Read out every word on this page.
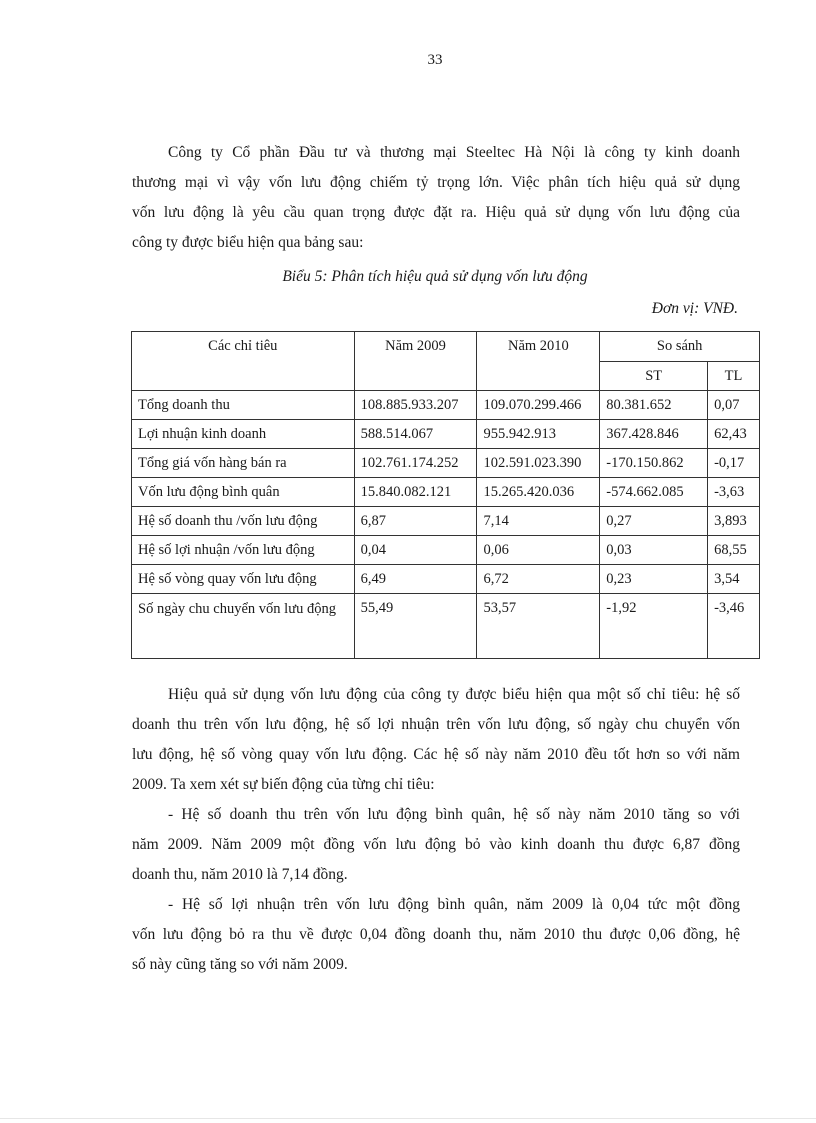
33
Công ty Cổ phần Đầu tư và thương mại Steeltec Hà Nội là công ty kinh doanh
thương mại vì vậy vốn lưu động chiếm tỷ trọng lớn. Việc phân tích hiệu quả sử dụng
vốn lưu động là yêu cầu quan trọng được đặt ra. Hiệu quả sử dụng vốn lưu động của
công ty được biểu hiện qua bảng sau:
Biểu 5: Phân tích hiệu quả sử dụng vốn lưu động
Đơn vị: VNĐ.
Các chỉ tiêu	Năm 2009	Năm 2010	So sánh	
			ST	TL
Tổng doanh thu	108.885.933.207	109.070.299.466	80.381.652	0,07
Lợi nhuận kinh doanh	588.514.067	955.942.913	367.428.846	62,43
Tổng giá vốn hàng bán ra	102.761.174.252	102.591.023.390	-170.150.862	-0,17
Vốn lưu động bình quân	15.840.082.121	15.265.420.036	-574.662.085	-3,63
Hệ số doanh thu /vốn lưu động	6,87	7,14	0,27	3,893
Hệ số lợi nhuận /vốn lưu động	0,04	0,06	0,03	68,55
Hệ số vòng quay vốn lưu động	6,49	6,72	0,23	3,54
Số ngày chu chuyển vốn lưu động	55,49	53,57	-1,92	-3,46
Hiệu quả sử dụng vốn lưu động của công ty được biểu hiện qua một số chỉ tiêu: hệ số
doanh thu trên vốn lưu động, hệ số lợi nhuận trên vốn lưu động, số ngày chu chuyển vốn
lưu động, hệ số vòng quay vốn lưu động. Các hệ số này năm 2010 đều tốt hơn so với năm
2009. Ta xem xét sự biến động của từng chỉ tiêu:
- Hệ số doanh thu trên vốn lưu động bình quân, hệ số này năm 2010 tăng so với
năm 2009. Năm 2009 một đồng vốn lưu động bỏ vào kinh doanh thu được 6,87 đồng
doanh thu, năm 2010 là 7,14 đồng.
- Hệ số lợi nhuận trên vốn lưu động bình quân, năm 2009 là 0,04 tức một đồng
vốn lưu động bỏ ra thu về được 0,04 đồng doanh thu, năm 2010 thu được 0,06 đồng, hệ
số này cũng tăng so với năm 2009.
